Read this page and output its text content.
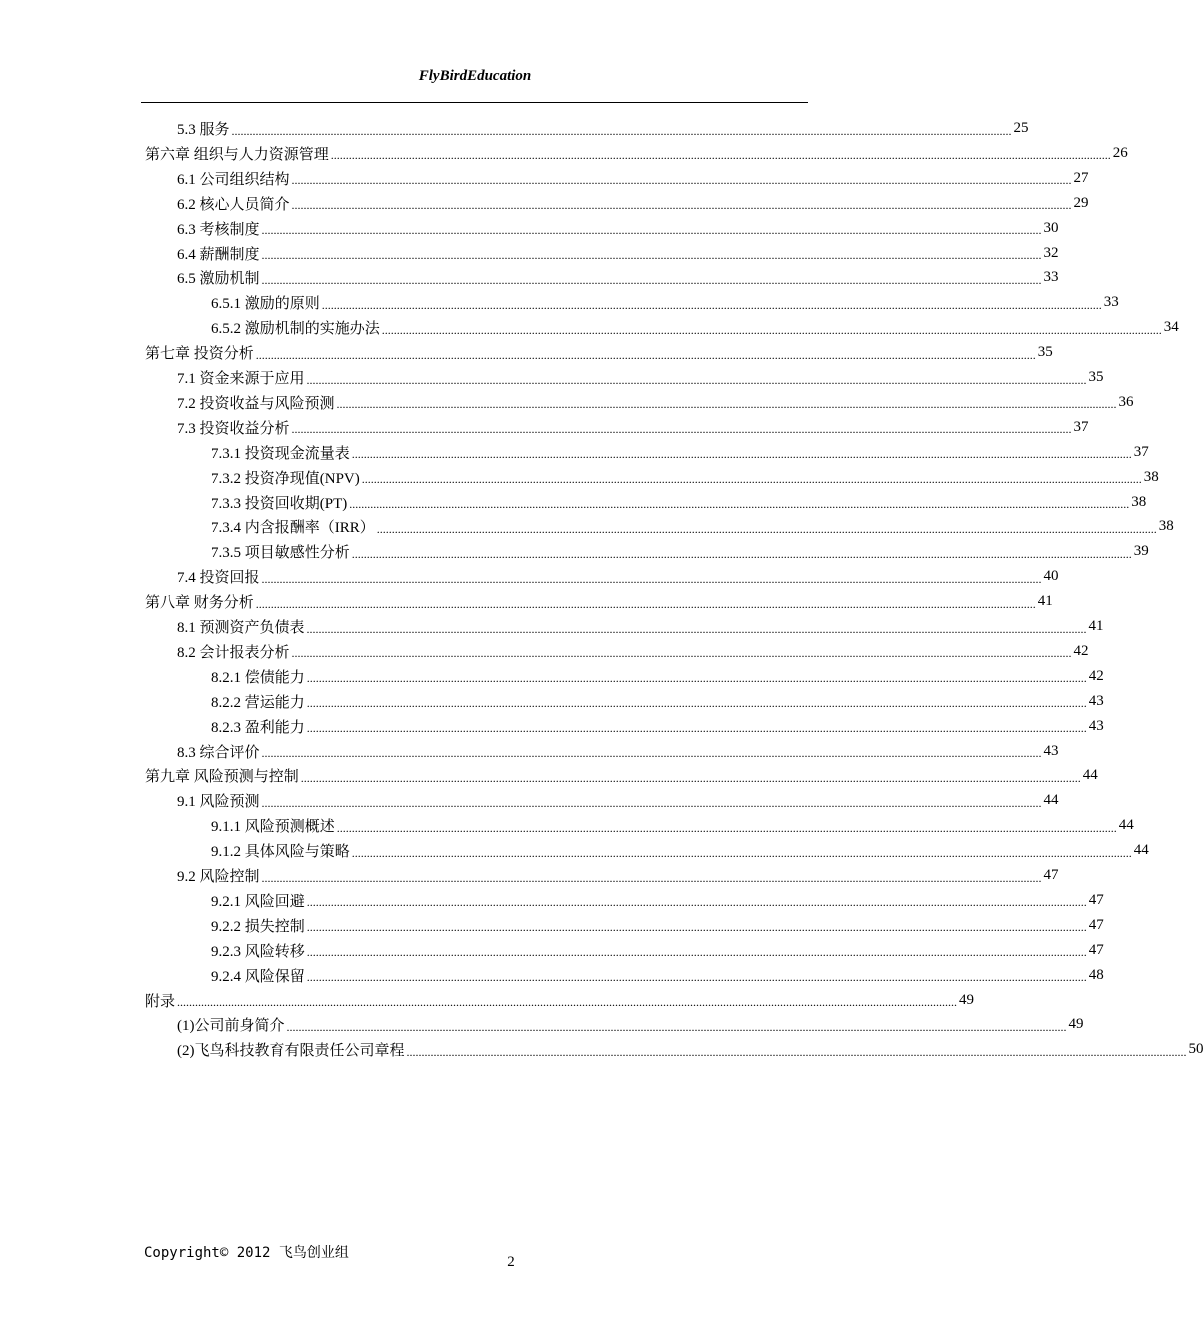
FlyBirdEducation
5.3 服务 .................................................................................................................................................................................................................................................................... 25
第六章 组织与人力资源管理 .................................................................................................................................................................................................................................................................... 26
6.1 公司组织结构 .................................................................................................................................................................................................................................................................... 27
6.2 核心人员简介 .................................................................................................................................................................................................................................................................... 29
6.3 考核制度 .................................................................................................................................................................................................................................................................... 30
6.4 薪酬制度 .................................................................................................................................................................................................................................................................... 32
6.5 激励机制 .................................................................................................................................................................................................................................................................... 33
6.5.1 激励的原则 .................................................................................................................................................................................................................................................................... 33
6.5.2 激励机制的实施办法 .................................................................................................................................................................................................................................................................... 34
第七章 投资分析 .................................................................................................................................................................................................................................................................... 35
7.1 资金来源于应用 .................................................................................................................................................................................................................................................................... 35
7.2 投资收益与风险预测 .................................................................................................................................................................................................................................................................... 36
7.3 投资收益分析 .................................................................................................................................................................................................................................................................... 37
7.3.1 投资现金流量表 .................................................................................................................................................................................................................................................................... 37
7.3.2 投资净现值(NPV) .................................................................................................................................................................................................................................................................... 38
7.3.3 投资回收期(PT) .................................................................................................................................................................................................................................................................... 38
7.3.4 内含报酬率（IRR） .................................................................................................................................................................................................................................................................... 38
7.3.5 项目敏感性分析 .................................................................................................................................................................................................................................................................... 39
7.4 投资回报 .................................................................................................................................................................................................................................................................... 40
第八章 财务分析 .................................................................................................................................................................................................................................................................... 41
8.1 预测资产负债表 .................................................................................................................................................................................................................................................................... 41
8.2 会计报表分析 .................................................................................................................................................................................................................................................................... 42
8.2.1 偿债能力 .................................................................................................................................................................................................................................................................... 42
8.2.2 营运能力 .................................................................................................................................................................................................................................................................... 43
8.2.3 盈利能力 .................................................................................................................................................................................................................................................................... 43
8.3 综合评价 .................................................................................................................................................................................................................................................................... 43
第九章 风险预测与控制 .................................................................................................................................................................................................................................................................... 44
9.1 风险预测 .................................................................................................................................................................................................................................................................... 44
9.1.1 风险预测概述 .................................................................................................................................................................................................................................................................... 44
9.1.2 具体风险与策略 .................................................................................................................................................................................................................................................................... 44
9.2 风险控制 .................................................................................................................................................................................................................................................................... 47
9.2.1 风险回避 .................................................................................................................................................................................................................................................................... 47
9.2.2 损失控制 .................................................................................................................................................................................................................................................................... 47
9.2.3 风险转移 .................................................................................................................................................................................................................................................................... 47
9.2.4 风险保留 .................................................................................................................................................................................................................................................................... 48
附录 .................................................................................................................................................................................................................................................................... 49
(1)公司前身简介 .................................................................................................................................................................................................................................................................... 49
(2)飞鸟科技教育有限责任公司章程 .................................................................................................................................................................................................................................................................... 50
Copyright© 2012 飞鸟创业组
2
